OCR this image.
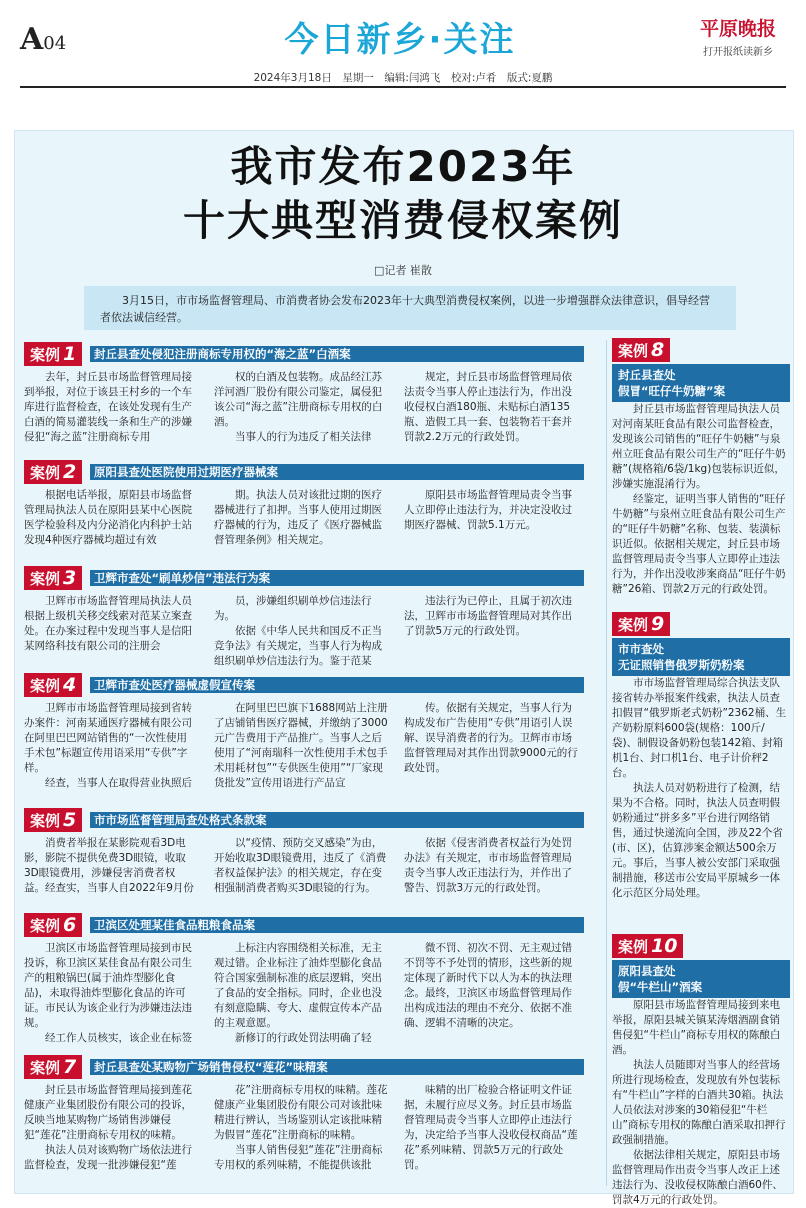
A04	今日新乡·关注	平原晚报
打开报纸读新乡
2024年3月18日　星期一　编辑:闫鸿飞　校对:卢肴　版式:夏鹏
我市发布2023年
十大典型消费侵权案例
□记者 崔散
3月15日，市市场监督管理局、市消费者协会发布2023年十大典型消费侵权案例，以进一步增强群众法律意识，倡导经营者依法诚信经营。
案例 1	封丘县查处侵犯注册商标专用权的“海之蓝”白酒案
去年，封丘县市场监督管理局接到举报，对位于该县王村乡的一个车库进行监督检查，在该处发现有生产白酒的简易灌装线一条和生产的涉嫌侵犯“海之蓝”注册商标专用
权的白酒及包装物。成品经江苏洋河酒厂股份有限公司鉴定，属侵犯该公司“海之蓝”注册商标专用权的白酒。
当事人的行为违反了相关法律
规定，封丘县市场监督管理局依法责令当事人停止违法行为，作出没收侵权白酒180瓶、未贴标白酒135瓶、造假工具一套、包装物若干套并罚款2.2万元的行政处罚。
案例 2	原阳县查处医院使用过期医疗器械案
根据电话举报，原阳县市场监督管理局执法人员在原阳县某中心医院医学检验科及内分泌消化内科护士站发现4种医疗器械均超过有效
期。执法人员对该批过期的医疗器械进行了扣押。当事人使用过期医疗器械的行为，违反了《医疗器械监督管理条例》相关规定。
原阳县市场监督管理局责令当事人立即停止违法行为，并决定没收过期医疗器械、罚款5.1万元。
案例 3	卫辉市查处“刷单炒信”违法行为案
卫辉市市场监督管理局执法人员根据上级机关移交线索对范某立案查处。在办案过程中发现当事人是信阳某网络科技有限公司的注册会
员，涉嫌组织刷单炒信违法行为。
依据《中华人民共和国反不正当竞争法》有关规定，当事人行为构成组织刷单炒信违法行为。鉴于范某
违法行为已停止，且属于初次违法，卫辉市市场监督管理局对其作出了罚款5万元的行政处罚。
案例 4	卫辉市查处医疗器械虚假宣传案
卫辉市市场监督管理局接到省转办案件：河南某通医疗器械有限公司在阿里巴巴网站销售的“一次性使用手术包”标题宣传用语采用“专供”字样。
经查，当事人在取得营业执照后
在阿里巴巴旗下1688网站上注册了店铺销售医疗器械，并缴纳了3000元广告费用于产品推广。当事人之后使用了“河南瑞科一次性使用手术包手术用耗材包”“专供医生使用”“厂家现货批发”宣传用语进行产品宣
传。依据有关规定，当事人行为构成发布广告使用“专供”用语引人误解、误导消费者的行为。卫辉市市场监督管理局对其作出罚款9000元的行政处罚。
案例 5	市市场监督管理局查处格式条款案
消费者举报在某影院观看3D电影，影院不提供免费3D眼镜，收取3D眼镜费用，涉嫌侵害消费者权益。经查实，当事人自2022年9月份
以“疫情、预防交叉感染”为由，开始收取3D眼镜费用，违反了《消费者权益保护法》的相关规定，存在变相强制消费者购买3D眼镜的行为。
依据《侵害消费者权益行为处罚办法》有关规定，市市场监督管理局责令当事人改正违法行为，并作出了警告、罚款3万元的行政处罚。
案例 6	卫滨区处理某佳食品粗粮食品案
卫滨区市场监督管理局接到市民投诉，称卫滨区某佳食品有限公司生产的粗粮锅巴(属于油炸型膨化食品)，未取得油炸型膨化食品的许可证。市民认为该企业行为涉嫌违法违规。
经工作人员核实，该企业在标签
上标注内容围绕相关标准，无主观过错。企业标注了油炸型膨化食品符合国家强制标准的底层逻辑，突出了食品的安全指标。同时，企业也没有刻意隐瞒、夸大、虚假宣传本产品的主观意愿。
新修订的行政处罚法明确了轻
微不罚、初次不罚、无主观过错不罚等不予处罚的情形，这些新的规定体现了新时代下以人为本的执法理念。最终，卫滨区市场监督管理局作出构成违法的理由不充分、依据不准确、逻辑不清晰的决定。
案例 7	封丘县查处某购物广场销售侵权“莲花”味精案
封丘县市场监督管理局接到莲花健康产业集团股份有限公司的投诉，反映当地某购物广场销售涉嫌侵犯“莲花”注册商标专用权的味精。
执法人员对该购物广场依法进行监督检查，发现一批涉嫌侵犯“莲
花”注册商标专用权的味精。莲花健康产业集团股份有限公司对该批味精进行辨认，当场鉴别认定该批味精为假冒“莲花”注册商标的味精。
当事人销售侵犯“莲花”注册商标专用权的系列味精，不能提供该批
味精的出厂检验合格证明文件证据，未履行应尽义务。封丘县市场监督管理局责令当事人立即停止违法行为，决定给予当事人没收侵权商品“莲花”系列味精、罚款5万元的行政处罚。
案例 8
封丘县查处
假冒“旺仔牛奶糖”案
封丘县市场监督管理局执法人员对河南某旺食品有限公司监督检查，发现该公司销售的“旺仔牛奶糖”与泉州立旺食品有限公司生产的“旺仔牛奶糖”(规格箱/6袋/1kg)包装标识近似，涉嫌实施混淆行为。
经鉴定，证明当事人销售的“旺仔牛奶糖”与泉州立旺食品有限公司生产的“旺仔牛奶糖”名称、包装、装潢标识近似。依据相关规定，封丘县市场监督管理局责令当事人立即停止违法行为，并作出没收涉案商品“旺仔牛奶糖”26箱、罚款2万元的行政处罚。
案例 9
市市查处
无证照销售俄罗斯奶粉案
市市场监督管理局综合执法支队接省转办举报案件线索，执法人员查扣假冒“俄罗斯老式奶粉”2362桶、生产奶粉原料600袋(规格：100斤/袋)、制假设备奶粉包装142箱、封箱机1台、封口机1台、电子计价秤2台。
执法人员对奶粉进行了检测，结果为不合格。同时，执法人员查明假奶粉通过“拼多多”平台进行网络销售，通过快递流向全国，涉及22个省(市、区)，估算涉案金额达500余万元。事后，当事人被公安部门采取强制措施，移送市公安局平原城乡一体化示范区分局处理。
案例 10
原阳县查处
假“牛栏山”酒案
原阳县市场监督管理局接到来电举报，原阳县城关镇某涛烟酒副食销售侵犯“牛栏山”商标专用权的陈酿白酒。
执法人员随即对当事人的经营场所进行现场检查，发现放有外包装标有“牛栏山”字样的白酒共30箱。执法人员依法对涉案的30箱侵犯“牛栏山”商标专用权的陈酿白酒采取扣押行政强制措施。
依据法律相关规定，原阳县市场监督管理局作出责令当事人改正上述违法行为、没收侵权陈酿白酒60件、罚款4万元的行政处罚。
